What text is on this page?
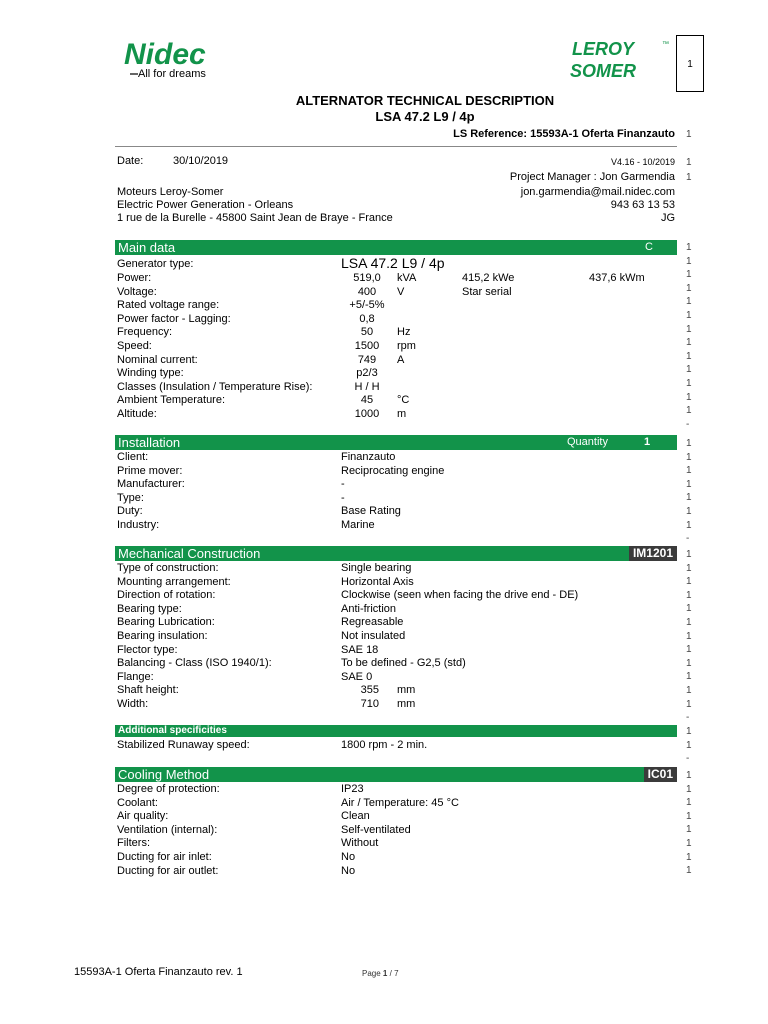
Nidec
All for dreams
LEROY
SOMER
™
1
ALTERNATOR TECHNICAL DESCRIPTION
LSA 47.2 L9 / 4p
LS Reference: 15593A-1 Oferta Finanzauto 1
Date:	30/10/2019	V4.16 - 10/2019 1
Project Manager : Jon Garmendia 1
Moteurs Leroy-Somer	jon.garmendia@mail.nidec.com
Electric Power Generation - Orleans	943 63 13 53
1 rue de la Burelle - 45800 Saint Jean de Braye - France	JG
Main data	C
Generator type:	LSA 47.2 L9 / 4p
Power:	519,0	kVA	415,2 kWe	437,6 kWm
Voltage:	400	V	Star serial
Rated voltage range:	+5/-5%
Power factor - Lagging:	0,8
Frequency:	50	Hz
Speed:	1500	rpm
Nominal current:	749	A
Winding type:	p2/3
Classes (Insulation / Temperature Rise):	H / H
Ambient Temperature:	45	°C
Altitude:	1000	m
1
1
1
1
1
1
1
1
1
1
1
1
1
-
1
1
1
1
1
1
1
-
1
1
1
1
1
1
1
1
1
1
1
1
-
1
1
-
1
1
1
1
1
1
1
1
Installation	Quantity	1
Client:	Finanzauto
Prime mover:	Reciprocating engine
Manufacturer:	-
Type:	-
Duty:	Base Rating
Industry:	Marine
Mechanical Construction	IM1201
Type of construction:	Single bearing
Mounting arrangement:	Horizontal Axis
Direction of rotation:	Clockwise (seen when facing the drive end - DE)
Bearing type:	Anti-friction
Bearing Lubrication:	Regreasable
Bearing insulation:	Not insulated
Flector type:	SAE 18
Balancing - Class (ISO 1940/1):	To be defined - G2,5 (std)
Flange:	SAE 0
Shaft height:	355 mm
Width:	710 mm
Additional specificities
Stabilized Runaway speed:	1800 rpm - 2 min.
Cooling Method	IC01
Degree of protection:	IP23
Coolant:	Air / Temperature: 45 °C
Air quality:	Clean
Ventilation (internal):	Self-ventilated
Filters:	Without
Ducting for air inlet:	No
Ducting for air outlet:	No
15593A-1 Oferta Finanzauto rev. 1	Page 1 / 7
